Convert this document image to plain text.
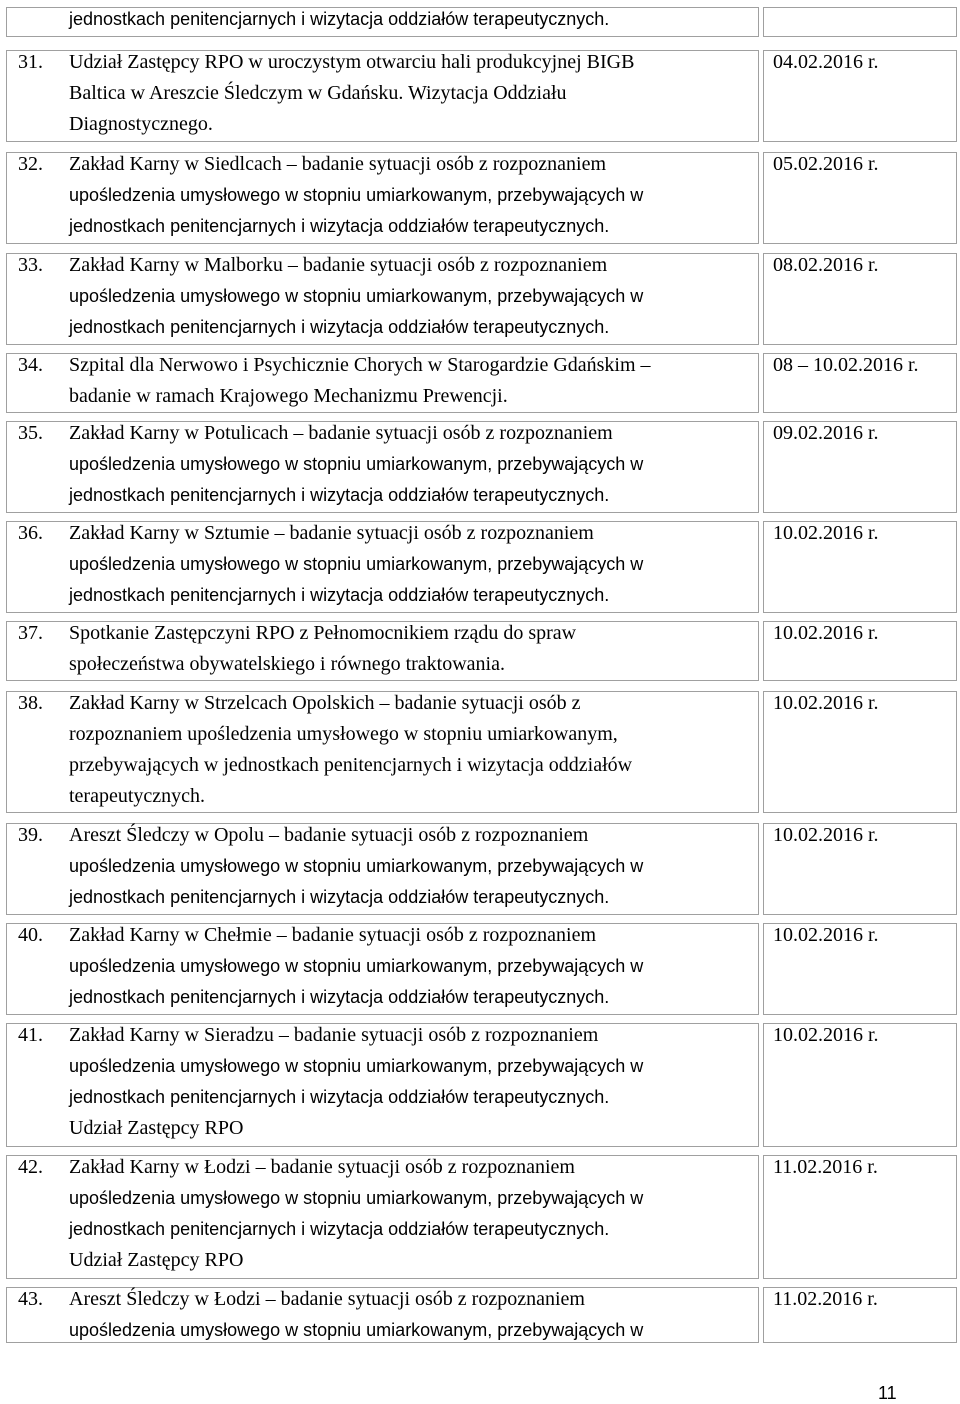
jednostkach penitencjarnych i wizytacja oddziałów terapeutycznych.
31. Udział Zastępcy RPO w uroczystym otwarciu hali produkcyjnej BIGB
Baltica w Areszcie Śledczym w Gdańsku. Wizytacja Oddziału
Diagnostycznego.
04.02.2016 r.
32. Zakład Karny w Siedlcach – badanie sytuacji osób z rozpoznaniem
upośledzenia umysłowego w stopniu umiarkowanym, przebywających w
jednostkach penitencjarnych i wizytacja oddziałów terapeutycznych.
05.02.2016 r.
33. Zakład Karny w Malborku – badanie sytuacji osób z rozpoznaniem
upośledzenia umysłowego w stopniu umiarkowanym, przebywających w
jednostkach penitencjarnych i wizytacja oddziałów terapeutycznych.
08.02.2016 r.
34. Szpital dla Nerwowo i Psychicznie Chorych w Starogardzie Gdańskim –
badanie w ramach Krajowego Mechanizmu Prewencji.
08 – 10.02.2016 r.
35. Zakład Karny w Potulicach – badanie sytuacji osób z rozpoznaniem
upośledzenia umysłowego w stopniu umiarkowanym, przebywających w
jednostkach penitencjarnych i wizytacja oddziałów terapeutycznych.
09.02.2016 r.
36. Zakład Karny w Sztumie – badanie sytuacji osób z rozpoznaniem
upośledzenia umysłowego w stopniu umiarkowanym, przebywających w
jednostkach penitencjarnych i wizytacja oddziałów terapeutycznych.
10.02.2016 r.
37. Spotkanie Zastępczyni RPO z Pełnomocnikiem rządu do spraw
społeczeństwa obywatelskiego i równego traktowania.
10.02.2016 r.
38. Zakład Karny w Strzelcach Opolskich – badanie sytuacji osób z
rozpoznaniem upośledzenia umysłowego w stopniu umiarkowanym,
przebywających w jednostkach penitencjarnych i wizytacja oddziałów
terapeutycznych.
10.02.2016 r.
39. Areszt Śledczy w Opolu – badanie sytuacji osób z rozpoznaniem
upośledzenia umysłowego w stopniu umiarkowanym, przebywających w
jednostkach penitencjarnych i wizytacja oddziałów terapeutycznych.
10.02.2016 r.
40. Zakład Karny w Chełmie – badanie sytuacji osób z rozpoznaniem
upośledzenia umysłowego w stopniu umiarkowanym, przebywających w
jednostkach penitencjarnych i wizytacja oddziałów terapeutycznych.
10.02.2016 r.
41. Zakład Karny w Sieradzu – badanie sytuacji osób z rozpoznaniem
upośledzenia umysłowego w stopniu umiarkowanym, przebywających w
jednostkach penitencjarnych i wizytacja oddziałów terapeutycznych.
Udział Zastępcy RPO
10.02.2016 r.
42. Zakład Karny w Łodzi – badanie sytuacji osób z rozpoznaniem
upośledzenia umysłowego w stopniu umiarkowanym, przebywających w
jednostkach penitencjarnych i wizytacja oddziałów terapeutycznych.
Udział Zastępcy RPO
11.02.2016 r.
43. Areszt Śledczy w Łodzi – badanie sytuacji osób z rozpoznaniem
upośledzenia umysłowego w stopniu umiarkowanym, przebywających w
11.02.2016 r.
11
